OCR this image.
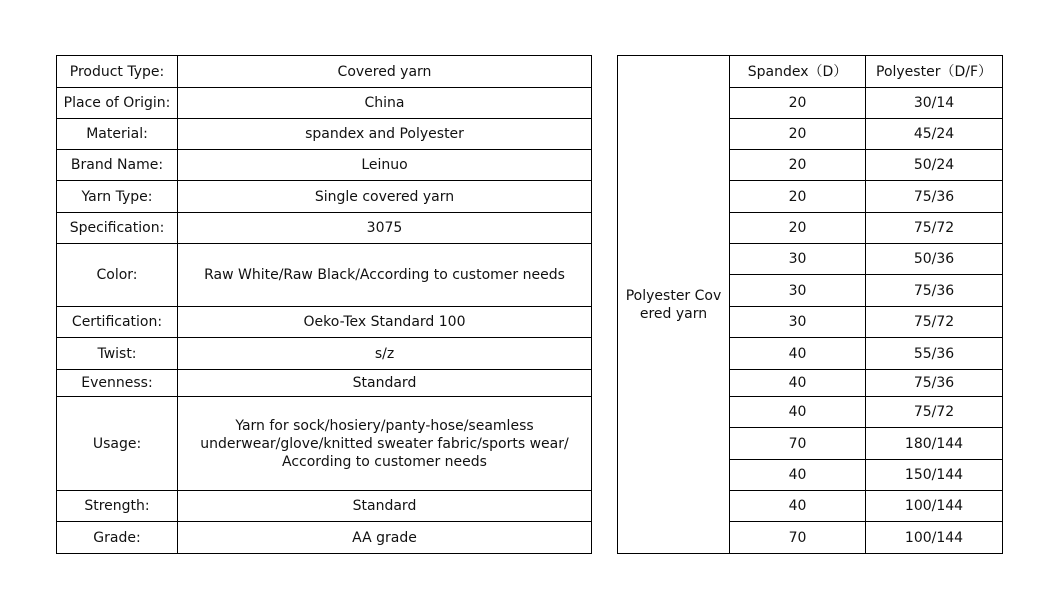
Product Type:	Covered yarn
Place of Origin:	China
Material:	spandex and Polyester
Brand Name:	Leinuo
Yarn Type:	Single covered yarn
Specification:	3075
Color:	Raw White/Raw Black/According to customer needs
Certification:	Oeko-Tex Standard 100
Twist:	s/z
Evenness:	Standard
Usage:	Yarn for sock/hosiery/panty-hose/seamless
underwear/glove/knitted sweater fabric/sports wear/
According to customer needs

Strength:	Standard
Grade:	AA grade
Polyester Cov
ered yarn	Spandex（D）	Polyester（D/F）
	20	30/14
	20	45/24
	20	50/24
	20	75/36
	20	75/72
	30	50/36
	30	75/36
	30	75/72
	40	55/36
	40	75/36
	40	75/72
	70	180/144
	40	150/144
	40	100/144
	70	100/144
